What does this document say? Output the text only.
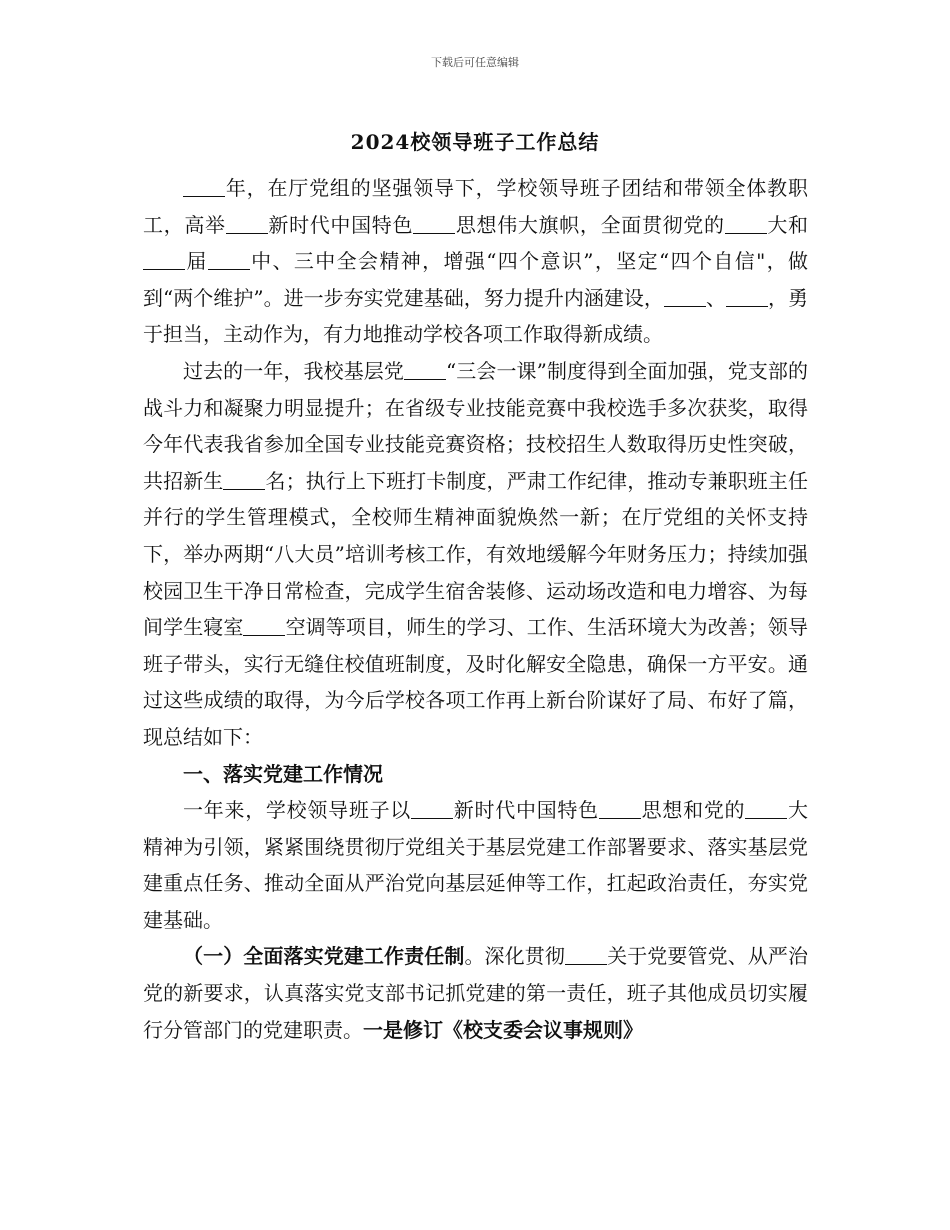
下载后可任意编辑
2024校领导班子工作总结

年，在厅党组的坚强领导下，学校领导班子团结和带领全体教职工，高举 新时代中国特色 思想伟大旗帜，全面贯彻党的 大和届 中、三中全会精神，增强“四个意识”，坚定“四个自信"，做到“两个维护”。进一步夯实党建基础，努力提升内涵建设， 、 ，勇于担当，主动作为，有力地推动学校各项工作取得新成绩。

过去的一年，我校基层党 “三会一课”制度得到全面加强，党支部的战斗力和凝聚力明显提升；在省级专业技能竞赛中我校选手多次获奖，取得今年代表我省参加全国专业技能竞赛资格；技校招生人数取得历史性突破，共招新生 名；执行上下班打卡制度，严肃工作纪律，推动专兼职班主任并行的学生管理模式，全校师生精神面貌焕然一新；在厅党组的关怀支持下，举办两期“八大员”培训考核工作，有效地缓解今年财务压力；持续加强校园卫生干净日常检查，完成学生宿舍装修、运动场改造和电力增容、为每间学生寝室 空调等项目，师生的学习、工作、生活环境大为改善；领导班子带头，实行无缝住校值班制度，及时化解安全隐患，确保一方平安。通过这些成绩的取得，为今后学校各项工作再上新台阶谋好了局、布好了篇，现总结如下：

一、落实党建工作情况

一年来，学校领导班子以 新时代中国特色 思想和党的 大精神为引领，紧紧围绕贯彻厅党组关于基层党建工作部署要求、落实基层党建重点任务、推动全面从严治党向基层延伸等工作，扛起政治责任，夯实党建基础。

（一）全面落实党建工作责任制。深化贯彻 关于党要管党、从严治党的新要求，认真落实党支部书记抓党建的第一责任，班子其他成员切实履行分管部门的党建职责。一是修订《校支委会议事规则》
